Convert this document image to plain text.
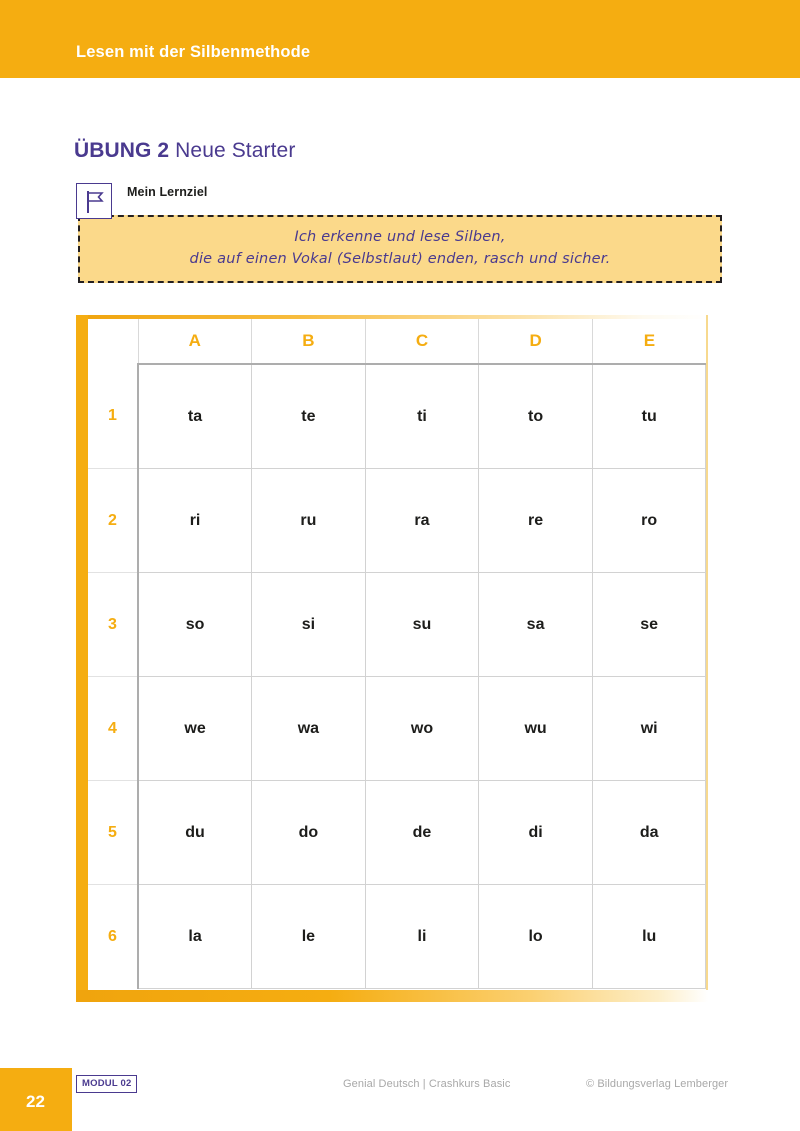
Lesen mit der Silbenmethode
ÜBUNG 2 Neue Starter
Mein Lernziel
Ich erkenne und lese Silben,
die auf einen Vokal (Selbstlaut) enden, rasch und sicher.
	A	B	C	D	E
1	ta	te	ti	to	tu
2	ri	ru	ra	re	ro
3	so	si	su	sa	se
4	we	wa	wo	wu	wi
5	du	do	de	di	da
6	la	le	li	lo	lu
22
MODUL 02	Genial Deutsch | Crashkurs Basic	© Bildungsverlag Lemberger
